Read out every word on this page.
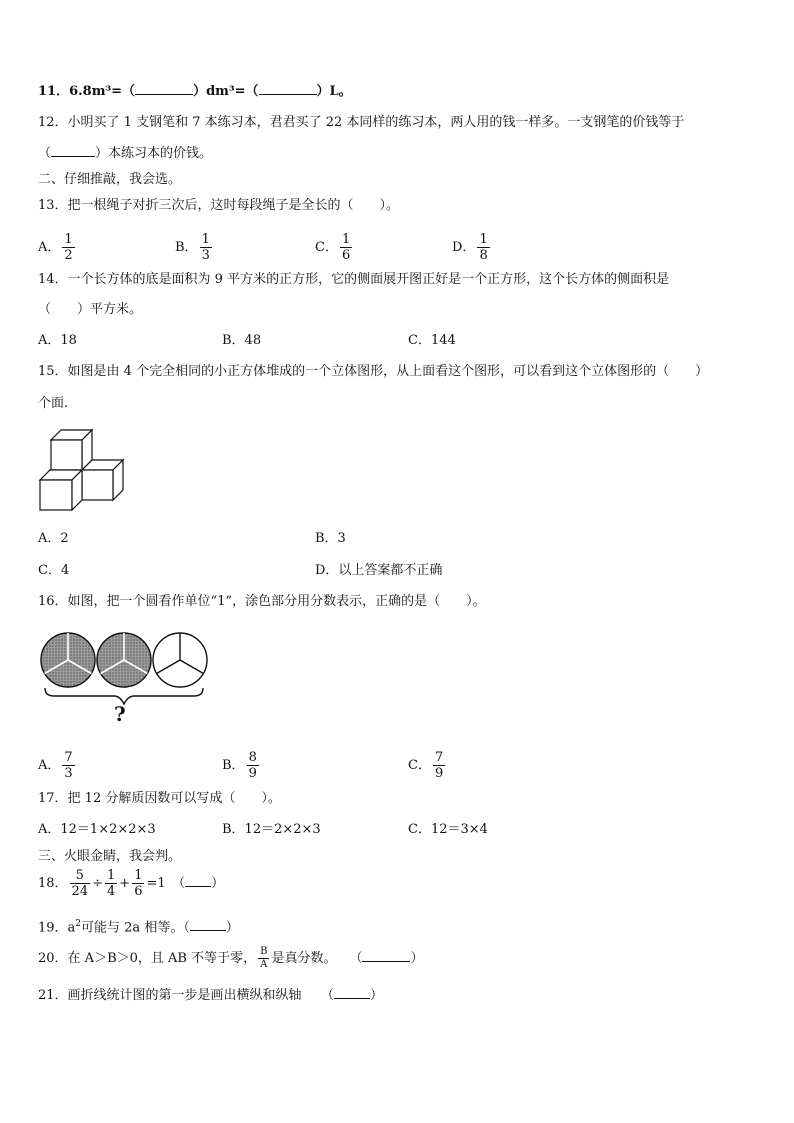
11．6.8m³=（	）dm³=（	）L。
12．小明买了 1 支钢笔和 7 本练习本，君君买了 22 本同样的练习本，两人用的钱一样多。一支钢笔的价钱等于
（	）本练习本的价钱。
二、仔细推敲，我会选。
13．把一根绳子对折三次后，这时每段绳子是全长的（　　）。
A． $\frac{1}{2}$	B． $\frac{1}{3}$	C． $\frac{1}{6}$	D． $\frac{1}{8}$
14．一个长方体的底是面积为 9 平方米的正方形，它的侧面展开图正好是一个正方形，这个长方体的侧面积是
（　　）平方米。
A．18	B．48	C．144
15．如图是由 4 个完全相同的小正方体堆成的一个立体图形，从上面看这个图形，可以看到这个立体图形的（　　）
个面.
A．2	B．3
C．4	D．以上答案都不正确
16．如图，把一个圆看作单位“1”，涂色部分用分数表示，正确的是（　　）。
?
A． $\frac{7}{3}$	B． $\frac{8}{9}$	C． $\frac{7}{9}$
17．把 12 分解质因数可以写成（　　）。
A．12＝1×2×2×3	B．12＝2×2×3	C．12＝3×4
三、火眼金睛，我会判。
18． $\frac{5}{24} \div \frac{1}{4} + \frac{1}{6} =1$　（ ）
19．$a^2$可能与 2a 相等。（	）
20．在 A＞B＞0，且 AB 不等于零， $\frac{B}{A}$ 是真分数。　　（	）
21．画折线统计图的第一步是画出横纵和纵轴　　（	）
